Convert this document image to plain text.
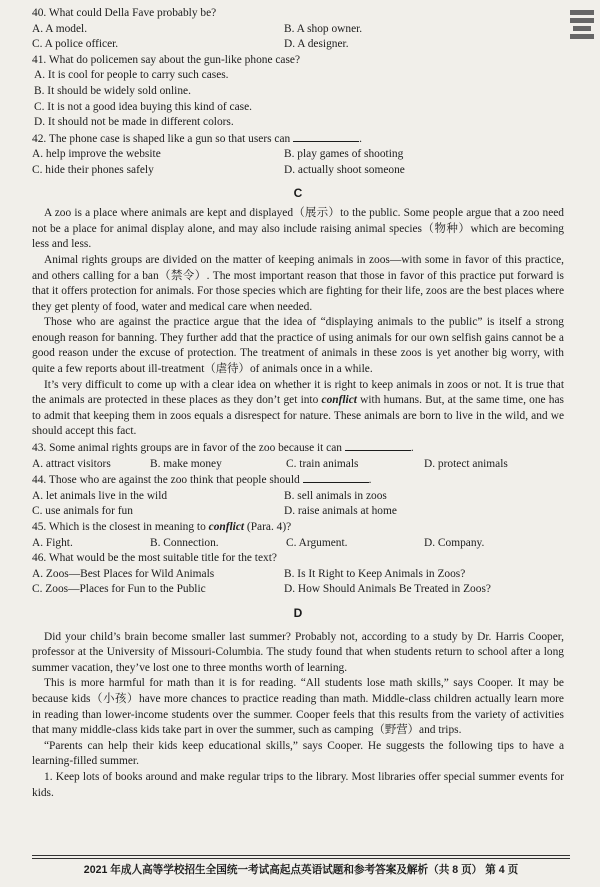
40. What could Della Fave probably be?

A. A model.	B. A shop owner.
C. A police officer.	D. A designer.

41. What do policemen say about the gun-like phone case?

A. It is cool for people to carry such cases.

B. It should be widely sold online.

C. It is not a good idea buying this kind of case.

D. It should not be made in different colors.

42. The phone case is shaped like a gun so that users can	.

A. help improve the website	B. play games of shooting
C. hide their phones safely	D. actually shoot someone
C

A zoo is a place where animals are kept and displayed（展示）to the public. Some people argue that a zoo need not be a place for animal display alone, and may also include raising animal species（物种）which are becoming less and less.

Animal rights groups are divided on the matter of keeping animals in zoos—with some in favor of this practice, and others calling for a ban（禁令）. The most important reason that those in favor of this practice put forward is that it offers protection for animals. For those species which are fighting for their life, zoos are the best places where they get plenty of food, water and medical care when needed.

Those who are against the practice argue that the idea of “displaying animals to the public” is itself a strong enough reason for banning. They further add that the practice of using animals for our own selfish gains cannot be a good reason under the excuse of protection. The treatment of animals in these zoos is yet another big worry, with quite a few reports about ill-treatment（虐待）of animals once in a while.

It’s very difficult to come up with a clear idea on whether it is right to keep animals in zoos or not. It is true that the animals are protected in these places as they don’t get into conflict with humans. But, at the same time, one has to admit that keeping them in zoos equals a disrespect for nature. These animals are born to live in the wild, and we should accept this fact.

43. Some animal rights groups are in favor of the zoo because it can	.

A. attract visitors	B. make money	C. train animals	D. protect animals

44. Those who are against the zoo think that people should	.

A. let animals live in the wild	B. sell animals in zoos
C. use animals for fun	D. raise animals at home

45. Which is the closest in meaning to conflict (Para. 4)?

A. Fight.	B. Connection.	C. Argument.	D. Company.

46. What would be the most suitable title for the text?

A. Zoos—Best Places for Wild Animals	B. Is It Right to Keep Animals in Zoos?
C. Zoos—Places for Fun to the Public	D. How Should Animals Be Treated in Zoos?
D

Did your child’s brain become smaller last summer? Probably not, according to a study by Dr. Harris Cooper, professor at the University of Missouri-Columbia. The study found that when students return to school after a long summer vacation, they’ve lost one to three months worth of learning.

This is more harmful for math than it is for reading. “All students lose math skills,” says Cooper. It may be because kids（小孩）have more chances to practice reading than math. Middle-class children actually learn more in reading than lower-income students over the summer. Cooper feels that this results from the variety of activities that many middle-class kids take part in over the summer, such as camping（野营）and trips.

“Parents can help their kids keep educational skills,” says Cooper. He suggests the following tips to have a learning-filled summer.

1. Keep lots of books around and make regular trips to the library. Most libraries offer special summer events for kids.

2021 年成人高等学校招生全国统一考试高起点英语试题和参考答案及解析（共 8 页） 第 4 页
